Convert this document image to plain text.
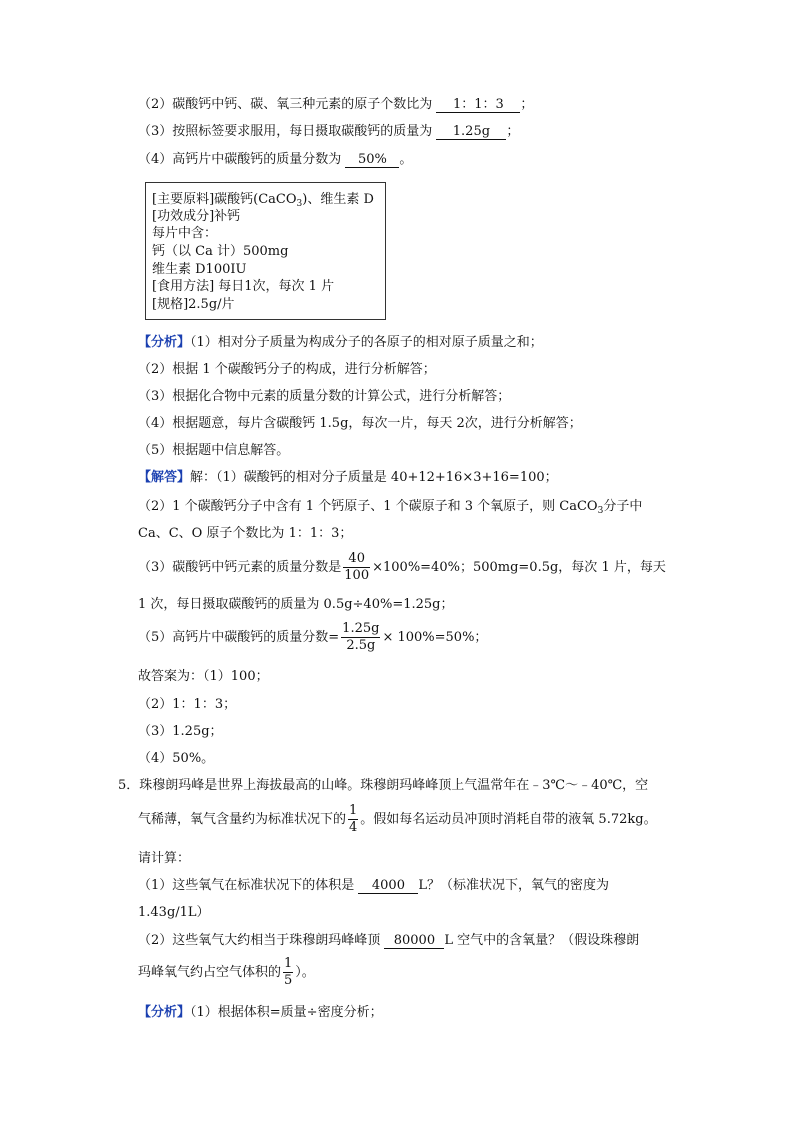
（2）碳酸钙中钙、碳、氧三种元素的原子个数比为 1：1：3 ；
（3）按照标签要求服用，每日摄取碳酸钙的质量为 1.25g ；
（4）高钙片中碳酸钙的质量分数为 50% 。
[主要原料]碳酸钙(CaCO$_3$)、维生素 D
[功效成分]补钙
每片中含：
钙（以 Ca 计）500mg
维生素 D100IU
[食用方法] 每日1次，每次 1 片
[规格]2.5g/片
【分析】（1）相对分子质量为构成分子的各原子的相对原子质量之和；
（2）根据 1 个碳酸钙分子的构成，进行分析解答；
（3）根据化合物中元素的质量分数的计算公式，进行分析解答；
（4）根据题意，每片含碳酸钙 1.5g，每次一片，每天 2次，进行分析解答；
（5）根据题中信息解答。
【解答】解：（1）碳酸钙的相对分子质量是 40+12+16×3+16=100；
（2）1 个碳酸钙分子中含有 1 个钙原子、1 个碳原子和 3 个氧原子，则 CaCO$_3$分子中
Ca、C、O 原子个数比为 1：1：3；
（3）碳酸钙中钙元素的质量分数是 $\frac{40}{100} \times 100\%=40\%$；500mg=0.5g，每次 1 片，每天
1 次，每日摄取碳酸钙的质量为 0.5g÷40%=1.25g；
（5）高钙片中碳酸钙的质量分数= $\frac{1.25g}{2.5g} \times 100\%=50\%$；
故答案为：（1）100；
（2）1：1：3；
（3）1.25g；
（4）50%。
5．珠穆朗玛峰是世界上海拔最高的山峰。珠穆朗玛峰峰顶上气温常年在﹣3℃～﹣40℃，空
气稀薄，氧气含量约为标准状况下的 $\frac{1}{4}$ 。假如每名运动员冲顶时消耗自带的液氧 5.72kg。
请计算：
（1）这些氧气在标准状况下的体积是 4000 L？（标准状况下，氧气的密度为
1.43g/1L）
（2）这些氧气大约相当于珠穆朗玛峰峰顶 80000 L 空气中的含氧量？（假设珠穆朗
玛峰氧气约占空气体积的 $\frac{1}{5}$ ）。
【分析】（1）根据体积=质量÷密度分析；
